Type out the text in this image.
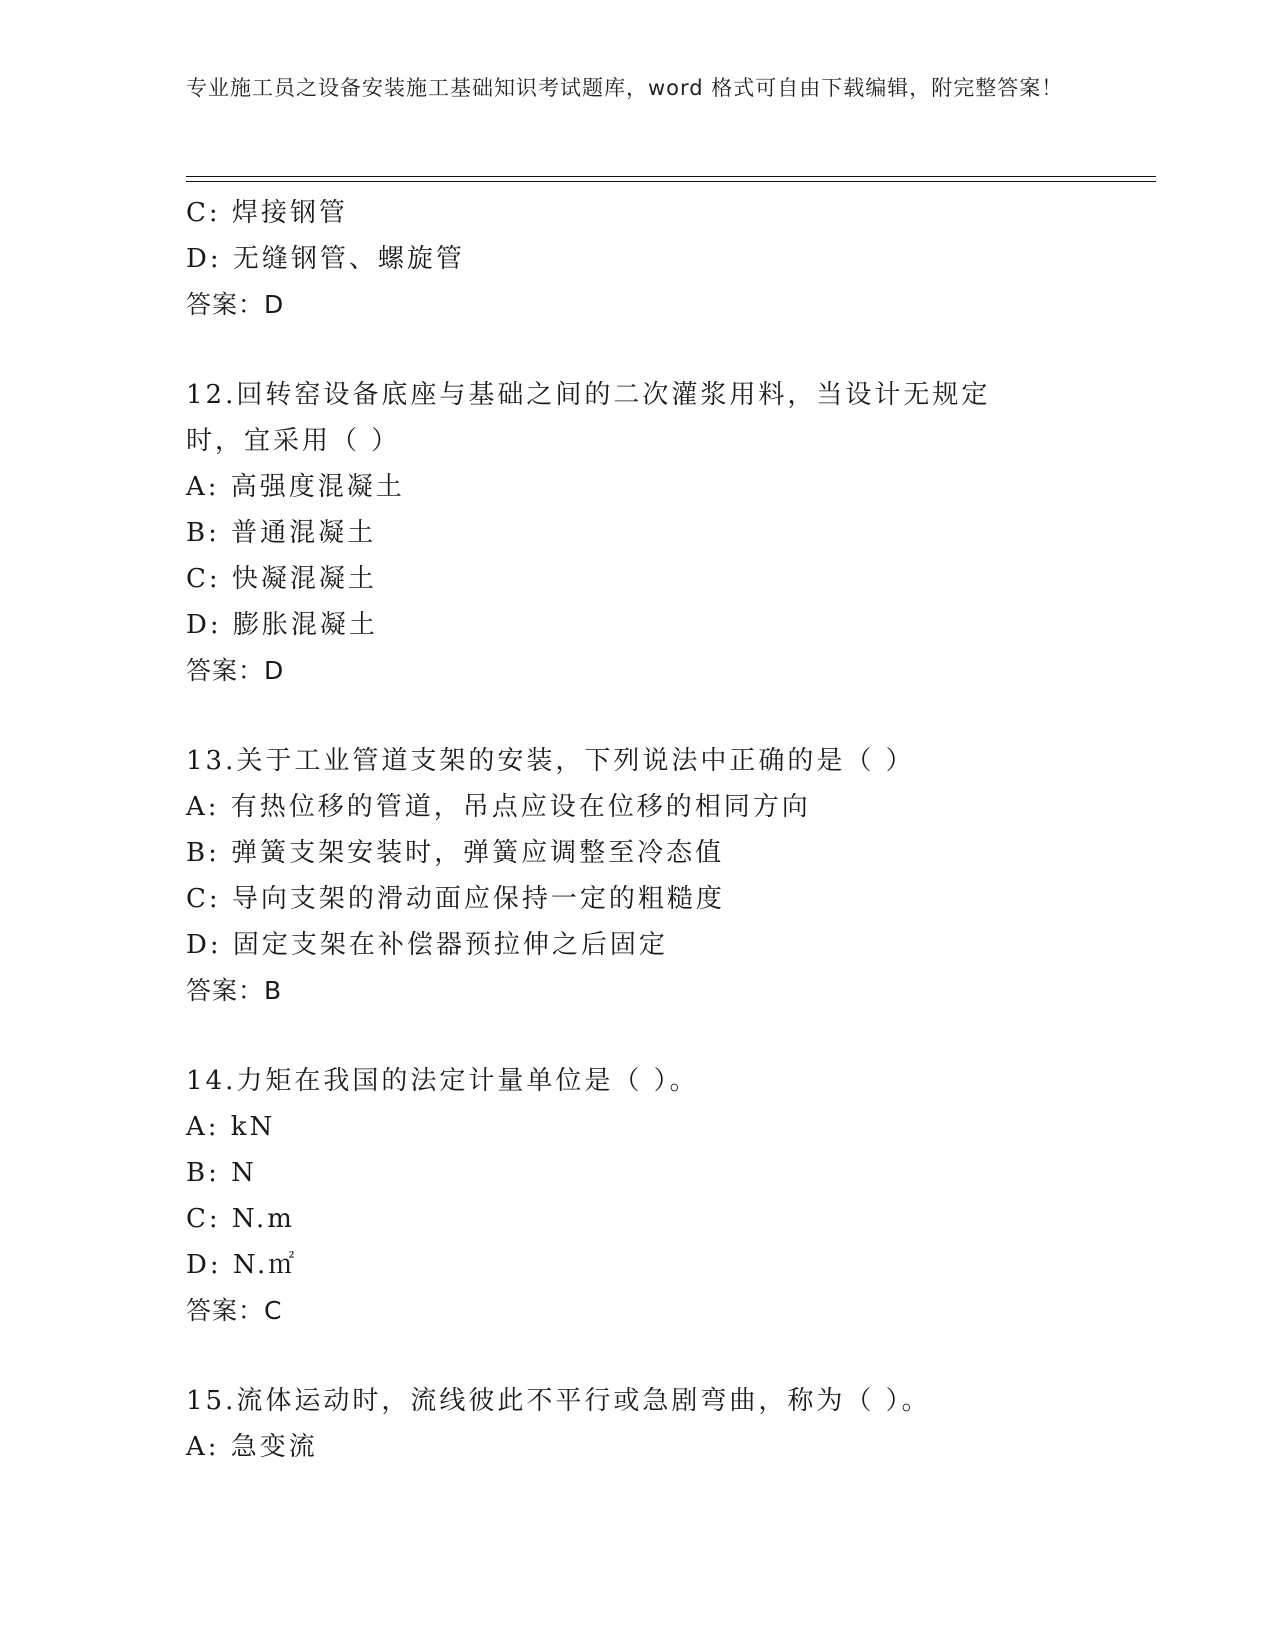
专业施工员之设备安装施工基础知识考试题库，word 格式可自由下载编辑，附完整答案！
C: 焊接钢管
D: 无缝钢管、螺旋管
答案：D
12.回转窑设备底座与基础之间的二次灌浆用料，当设计无规定时，宜采用（ ）
A: 高强度混凝土
B: 普通混凝土
C: 快凝混凝土
D: 膨胀混凝土
答案：D
13.关于工业管道支架的安装，下列说法中正确的是（ ）
A: 有热位移的管道，吊点应设在位移的相同方向
B: 弹簧支架安装时，弹簧应调整至冷态值
C: 导向支架的滑动面应保持一定的粗糙度
D: 固定支架在补偿器预拉伸之后固定
答案：B
14.力矩在我国的法定计量单位是（ ）。
A: kN
B: N
C: N.m
D: N.㎡
答案：C
15.流体运动时，流线彼此不平行或急剧弯曲，称为（ ）。
A: 急变流
